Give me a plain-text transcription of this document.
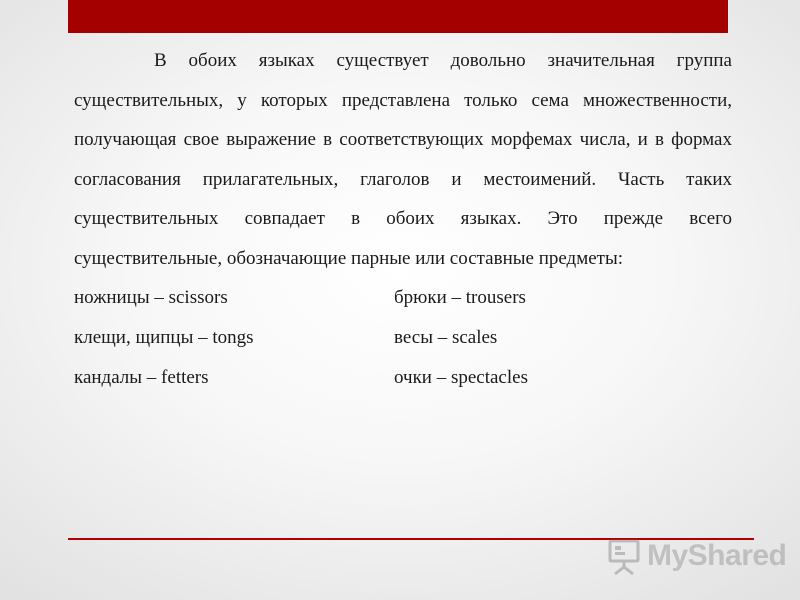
В обоих языках существует довольно значительная группа существительных, у которых представлена только сема множественности, получающая свое выражение в соответствующих морфемах числа, и в формах согласования прилагательных, глаголов и местоимений. Часть таких существительных совпадает в обоих языках. Это прежде всего существительные, обозначающие парные или составные предметы:

ножницы – scissors	брюки – trousers
клещи, щипцы – tongs	весы – scales
кандалы – fetters	очки – spectacles
MyShared
